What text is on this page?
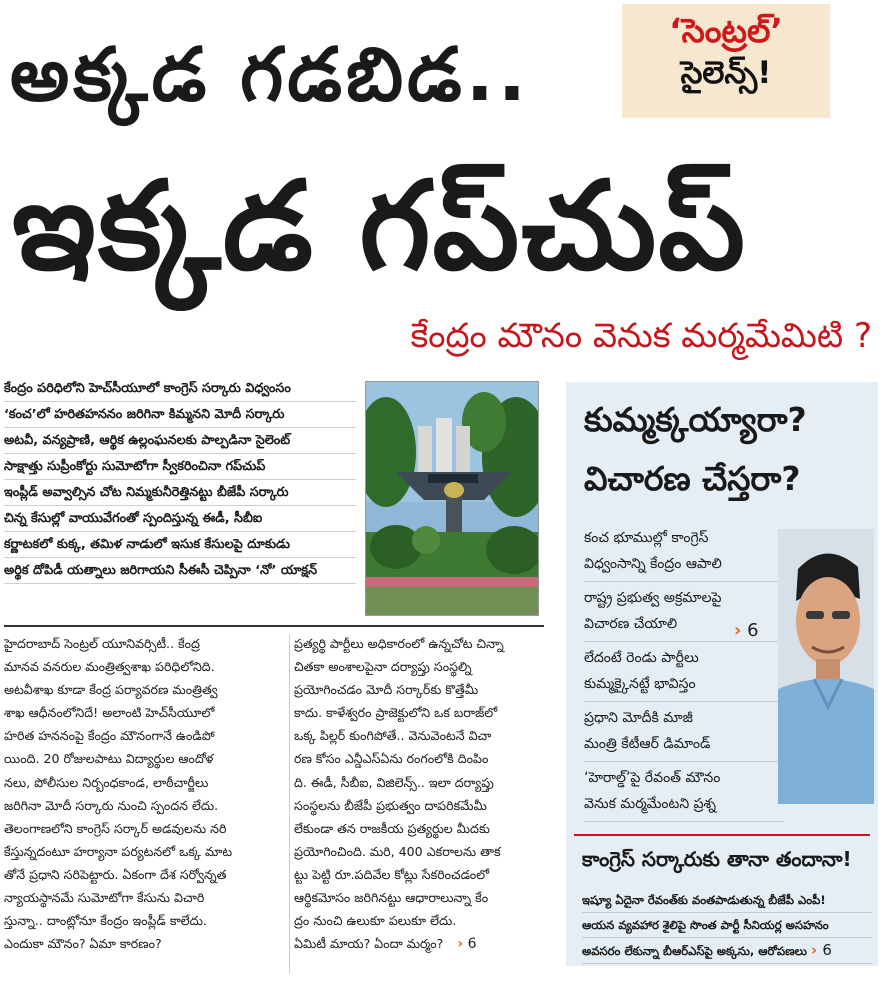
అక్కడ గడబిడ..
ఇక్కడ గప్‌చుప్
‘సెంట్రల్’
సైలెన్స్!
కేంద్రం మౌనం వెనుక మర్మమేమిటి ?
కేంద్రం పరిధిలోని హెచ్‌సీయూలో కాంగ్రెస్ సర్కారు విధ్వంసం
‘కంచ’లో హరితహననం జరిగినా కిమ్మనని మోదీ సర్కారు
అటవీ, వన్యప్రాణి, ఆర్థిక ఉల్లంఘనలకు పాల్పడినా సైలెంట్
సాక్షాత్తు సుప్రీంకోర్టు సుమోటోగా స్వీకరించినా గప్‌చుప్
ఇంప్లీడ్ అవ్వాల్సిన చోట నిమ్మకునీరెత్తినట్టు బీజేపీ సర్కారు
చిన్న కేసుల్లో వాయువేగంతో స్పందిస్తున్న ఈడీ, సీబీఐ
కర్ణాటకలో కుక్క, తమిళ నాడులో ఇసుక కేసులపై దూకుడు
అర్థిక దోపిడీ యత్నాలు జరిగాయని సీఈసీ చెప్పినా ‘నో’ యాక్షన్
హైదరాబాద్ సెంట్రల్ యూనివర్సిటీ.. కేంద్ర
మానవ వనరుల మంత్రిత్వశాఖ పరిధిలోనిది.
అటవీశాఖ కూడా కేంద్ర పర్యావరణ మంత్రిత్వ
శాఖ ఆధీనంలోనిదే! అలాంటి హెచ్‌సీయూలో
హరిత హననంపై కేంద్రం మౌనంగానే ఉండిపో
యింది. 20 రోజులపాటు విద్యార్థుల ఆందోళ
నలు, పోలీసుల నిర్బంధకాండ, లాఠీచార్జీలు
జరిగినా మోదీ సర్కారు నుంచి స్పందన లేదు.
తెలంగాణలోని కాంగ్రెస్ సర్కార్ అడవులను నరి
కేస్తున్నదంటూ హర్యానా పర్యటనలో ఒక్క మాట
తోనే ప్రధాని సరిపెట్టారు. ఏకంగా దేశ సర్వోన్నత
న్యాయస్థానమే సుమోటోగా కేసును విచారి
స్తున్నా.. దాంట్లోనూ కేంద్రం ఇంప్లీడ్ కాలేదు.
ఎందుకా మౌనం? ఏమా కారణం?
ప్రత్యర్థి పార్టీలు అధికారంలో ఉన్నచోట చిన్నా
చితకా అంశాలపైనా దర్యాప్తు సంస్థల్ని
ప్రయోగించడం మోదీ సర్కార్‌కు కొత్తేమీ
కాదు. కాళేశ్వరం ప్రాజెక్టులోని ఒక బరాజ్‌లో
ఒక్క పిల్లర్ కుంగిపోతే.. వెనువెంటనే విచా
రణ కోసం ఎన్డీఎస్‌ఏను రంగంలోకి దింపిం
ది. ఈడీ, సీబీఐ, విజిలెన్స్.. ఇలా దర్యాప్తు
సంస్థలను బీజేపీ ప్రభుత్వం దాపరికమేమీ
లేకుండా తన రాజకీయ ప్రత్యర్థుల మీదకు
ప్రయోగించింది. మరి, 400 ఎకరాలను తాక
ట్టు పెట్టి రూ.పదివేల కోట్లు సేకరించడంలో
ఆర్థికమోసం జరిగినట్టు ఆధారాలున్నా కేం
ద్రం నుంచి ఉలుకూ పలుకూ లేదు.
ఏమిటీ మాయ? ఏందా మర్మం? › 6
కుమ్మక్కయ్యారా?
విచారణ చేస్తరా?
కంచ భూముల్లో కాంగ్రెస్
విధ్వంసాన్ని కేంద్రం ఆపాలి
రాష్ట్ర ప్రభుత్వ అక్రమాలపై
విచారణ చేయాలి
లేదంటే రెండు పార్టీలు
కుమ్మక్కైనట్టే భావిస్తం
ప్రధాని మోదీకి మాజీ
మంత్రి కేటీఆర్ డిమాండ్
‘హెరాల్డ్’పై రేవంత్ మౌనం
వెనుక మర్మమేంటని ప్రశ్న
› 6
కాంగ్రెస్ సర్కారుకు తానా తందానా!
ఇష్యూ ఏదైనా రేవంత్‌కు వంతపాడుతున్న బీజేపీ ఎంపీ!
ఆయన వ్యవహార శైలిపై సొంత పార్టీ సీనియర్ల అసహనం
అవసరం లేకున్నా బీఆర్‌ఎస్‌పై అక్కసు, ఆరోపణలు › 6
